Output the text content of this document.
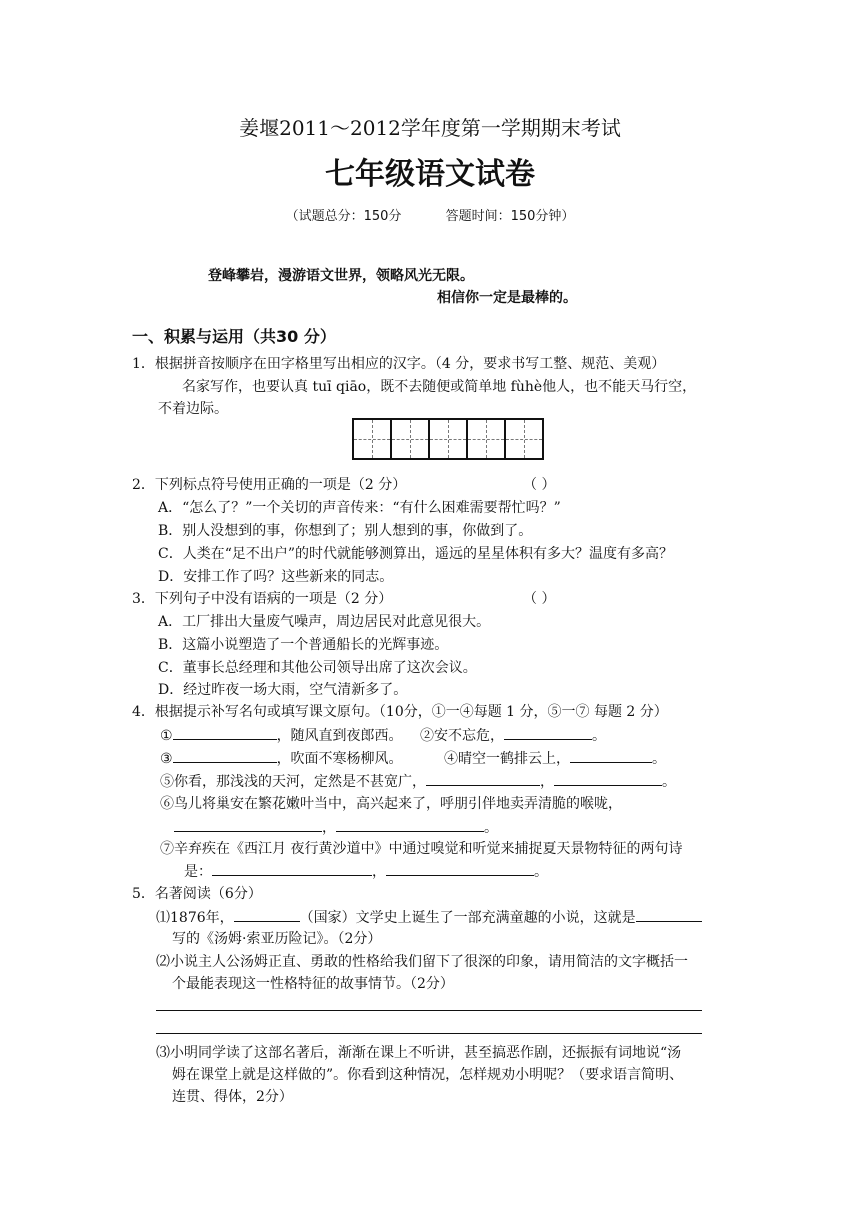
姜堰2011～2012学年度第一学期期末考试
七年级语文试卷
（试题总分：150分	答题时间：150分钟）
登峰攀岩，漫游语文世界，领略风光无限。
相信你一定是最棒的。
一、积累与运用（共30 分）
1．根据拼音按顺序在田字格里写出相应的汉字。（4 分，要求书写工整、规范、美观）
名家写作，也要认真 tuī qiāo，既不去随便或简单地 fùhè他人，也不能天马行空，
不着边际。
2．下列标点符号使用正确的一项是（2 分）	（ ）
A．“怎么了？”一个关切的声音传来：“有什么困难需要帮忙吗？”
B．别人没想到的事，你想到了；别人想到的事，你做到了。
C．人类在“足不出户”的时代就能够测算出，遥远的星星体积有多大？温度有多高？
D．安排工作了吗？这些新来的同志。
3．下列句子中没有语病的一项是（2 分）	（ ）
A．工厂排出大量废气噪声，周边居民对此意见很大。
B．这篇小说塑造了一个普通船长的光辉事迹。
C．董事长总经理和其他公司领导出席了这次会议。
D．经过昨夜一场大雨，空气清新多了。
4．根据提示补写名句或填写课文原句。（10分，①一④每题 1 分，⑤一⑦ 每题 2 分）
①	，随风直到夜郎西。 ②安不忘危，	。
③	，吹面不寒杨柳风。	④晴空一鹤排云上，	。
⑤你看，那浅浅的天河，定然是不甚宽广，	，	。
⑥鸟儿将巢安在繁花嫩叶当中，高兴起来了，呼朋引伴地卖弄清脆的喉咙，
，	。
⑦辛弃疾在《西江月 夜行黄沙道中》中通过嗅觉和听觉来捕捉夏天景物特征的两句诗
是：	，	。
5．名著阅读（6分）
⑴1876年，	（国家）文学史上诞生了一部充满童趣的小说，这就是
写的《汤姆·索亚历险记》。（2分）
⑵小说主人公汤姆正直、勇敢的性格给我们留下了很深的印象，请用简洁的文字概括一
个最能表现这一性格特征的故事情节。（2分）
⑶小明同学读了这部名著后，渐渐在课上不听讲，甚至搞恶作剧，还振振有词地说“汤
姆在课堂上就是这样做的”。你看到这种情况，怎样规劝小明呢？（要求语言简明、
连贯、得体，2分）
